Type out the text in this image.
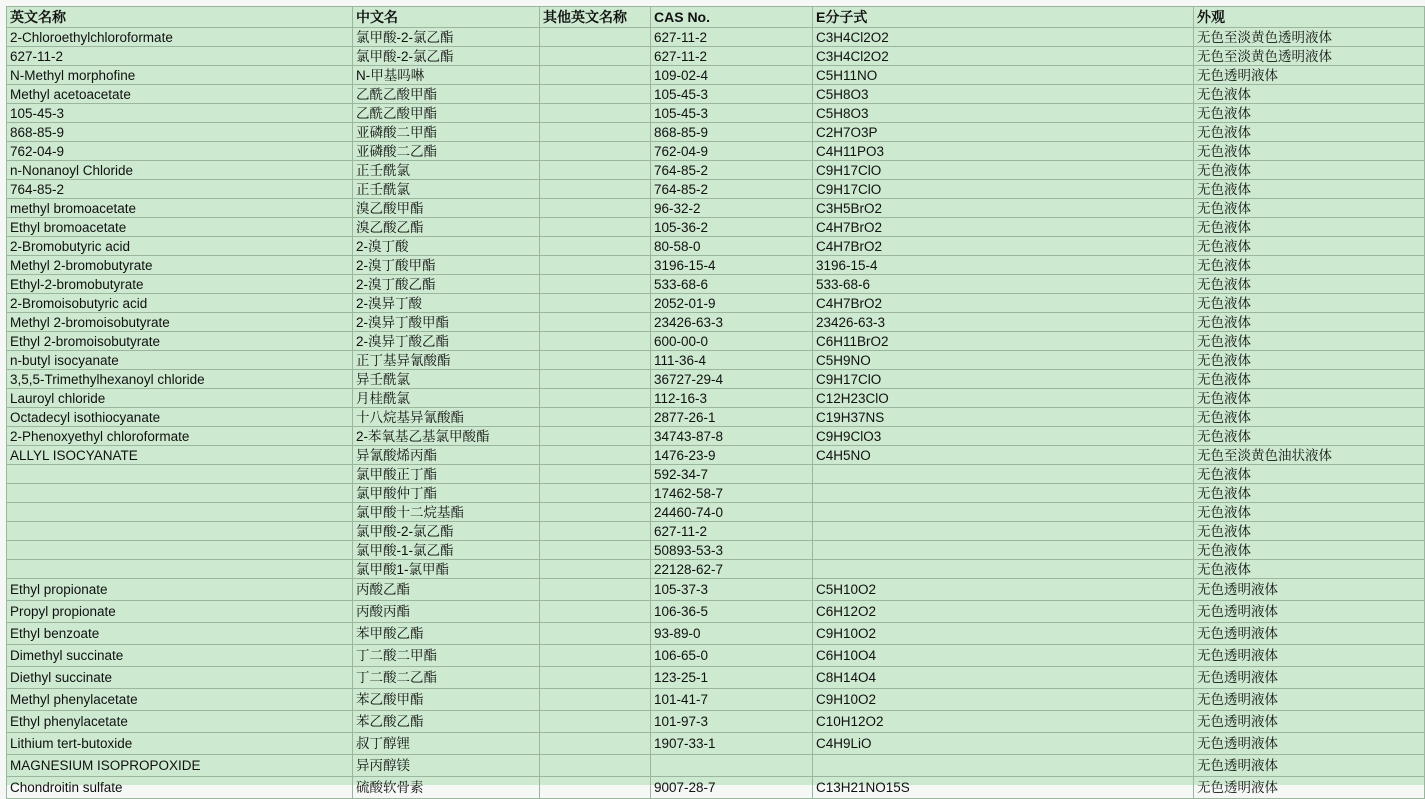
英文名称	中文名	其他英文名称	CAS No.	E分子式	外观
2-Chloroethylchloroformate	氯甲酸-2-氯乙酯		627-11-2	C3H4Cl2O2	无色至淡黄色透明液体
627-11-2	氯甲酸-2-氯乙酯		627-11-2	C3H4Cl2O2	无色至淡黄色透明液体
N-Methyl morphofine	N-甲基吗啉		109-02-4	C5H11NO	无色透明液体
Methyl acetoacetate	乙酰乙酸甲酯		105-45-3	C5H8O3	无色液体
105-45-3	乙酰乙酸甲酯		105-45-3	C5H8O3	无色液体
868-85-9	亚磷酸二甲酯		868-85-9	C2H7O3P	无色液体
762-04-9	亚磷酸二乙酯		762-04-9	C4H11PO3	无色液体
n-Nonanoyl Chloride	正壬酰氯		764-85-2	C9H17ClO	无色液体
764-85-2	正壬酰氯		764-85-2	C9H17ClO	无色液体
methyl bromoacetate	溴乙酸甲酯		96-32-2	C3H5BrO2	无色液体
Ethyl bromoacetate	溴乙酸乙酯		105-36-2	C4H7BrO2	无色液体
2-Bromobutyric acid	2-溴丁酸		80-58-0	C4H7BrO2	无色液体
Methyl 2-bromobutyrate	2-溴丁酸甲酯		3196-15-4	3196-15-4	无色液体
Ethyl-2-bromobutyrate	2-溴丁酸乙酯		533-68-6	533-68-6	无色液体
2-Bromoisobutyric acid	2-溴异丁酸		2052-01-9	C4H7BrO2	无色液体
Methyl 2-bromoisobutyrate	2-溴异丁酸甲酯		23426-63-3	23426-63-3	无色液体
Ethyl 2-bromoisobutyrate	2-溴异丁酸乙酯		600-00-0	C6H11BrO2	无色液体
n-butyl isocyanate	正丁基异氰酸酯		111-36-4	C5H9NO	无色液体
3,5,5-Trimethylhexanoyl chloride	异壬酰氯		36727-29-4	C9H17ClO	无色液体
Lauroyl chloride	月桂酰氯		112-16-3	C12H23ClO	无色液体
Octadecyl isothiocyanate	十八烷基异氰酸酯		2877-26-1	C19H37NS	无色液体
2-Phenoxyethyl chloroformate	2-苯氧基乙基氯甲酸酯		34743-87-8	C9H9ClO3	无色液体
ALLYL ISOCYANATE	异氰酸烯丙酯		1476-23-9	C4H5NO	无色至淡黄色油状液体
	氯甲酸正丁酯		592-34-7		无色液体
	氯甲酸仲丁酯		17462-58-7		无色液体
	氯甲酸十二烷基酯		24460-74-0		无色液体
	氯甲酸-2-氯乙酯		627-11-2		无色液体
	氯甲酸-1-氯乙酯		50893-53-3		无色液体
	氯甲酸1-氯甲酯		22128-62-7		无色液体
Ethyl propionate	丙酸乙酯		105-37-3	C5H10O2	无色透明液体
Propyl propionate	丙酸丙酯		106-36-5	C6H12O2	无色透明液体
Ethyl benzoate	苯甲酸乙酯		93-89-0	C9H10O2	无色透明液体
Dimethyl succinate	丁二酸二甲酯		106-65-0	C6H10O4	无色透明液体
Diethyl succinate	丁二酸二乙酯		123-25-1	C8H14O4	无色透明液体
Methyl phenylacetate	苯乙酸甲酯		101-41-7	C9H10O2	无色透明液体
Ethyl phenylacetate	苯乙酸乙酯		101-97-3	C10H12O2	无色透明液体
Lithium tert-butoxide	叔丁醇锂		1907-33-1	C4H9LiO	无色透明液体
MAGNESIUM ISOPROPOXIDE	异丙醇镁				无色透明液体
Chondroitin sulfate	硫酸软骨素		9007-28-7	C13H21NO15S	无色透明液体
